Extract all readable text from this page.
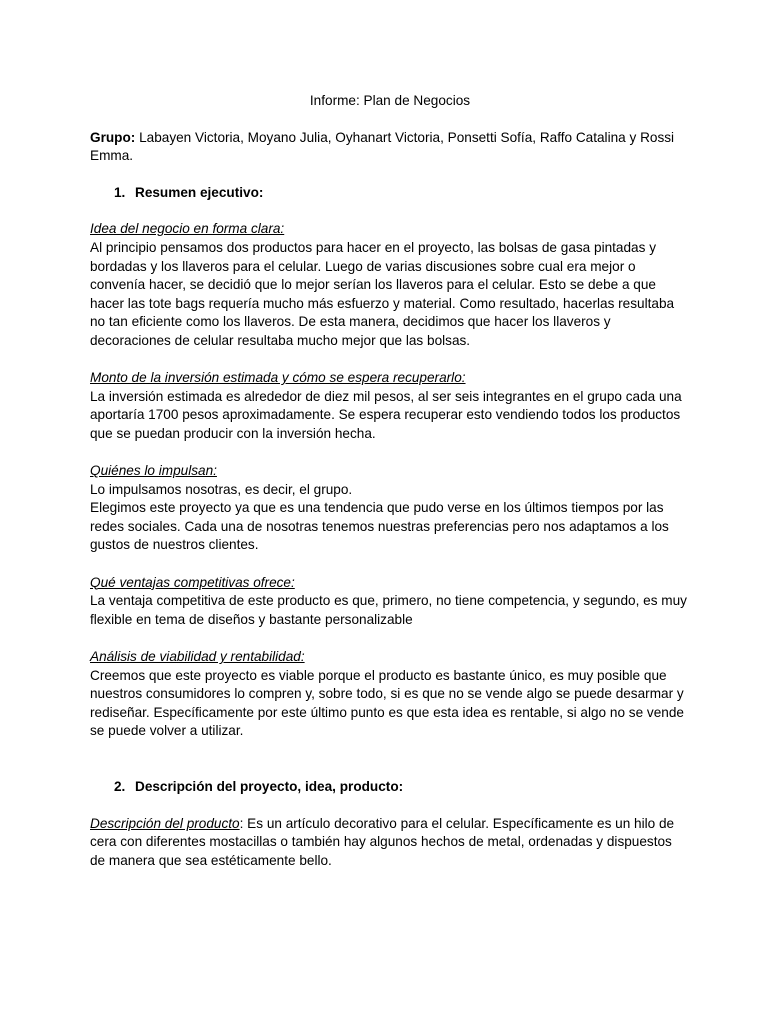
Informe: Plan de Negocios
Grupo: Labayen Victoria, Moyano Julia, Oyhanart Victoria, Ponsetti Sofía, Raffo Catalina y Rossi Emma.
1. Resumen ejecutivo:
Idea del negocio en forma clara:

Al principio pensamos dos productos para hacer en el proyecto, las bolsas de gasa pintadas y bordadas y los llaveros para el celular. Luego de varias discusiones sobre cual era mejor o convenía hacer, se decidió que lo mejor serían los llaveros para el celular. Esto se debe a que hacer las tote bags requería mucho más esfuerzo y material. Como resultado, hacerlas resultaba no tan eficiente como los llaveros. De esta manera, decidimos que hacer los llaveros y decoraciones de celular resultaba mucho mejor que las bolsas.

Monto de la inversión estimada y cómo se espera recuperarlo:

La inversión estimada es alrededor de diez mil pesos, al ser seis integrantes en el grupo cada una aportaría 1700 pesos aproximadamente. Se espera recuperar esto vendiendo todos los productos que se puedan producir con la inversión hecha.

Quiénes lo impulsan:

Lo impulsamos nosotras, es decir, el grupo.

Elegimos este proyecto ya que es una tendencia que pudo verse en los últimos tiempos por las redes sociales. Cada una de nosotras tenemos nuestras preferencias pero nos adaptamos a los gustos de nuestros clientes.

Qué ventajas competitivas ofrece:

La ventaja competitiva de este producto es que, primero, no tiene competencia, y segundo, es muy flexible en tema de diseños y bastante personalizable

Análisis de viabilidad y rentabilidad:

Creemos que este proyecto es viable porque el producto es bastante único, es muy posible que nuestros consumidores lo compren y, sobre todo, si es que no se vende algo se puede desarmar y rediseñar. Específicamente por este último punto es que esta idea es rentable, si algo no se vende se puede volver a utilizar.

2. Descripción del proyecto, idea, producto:

Descripción del producto: Es un artículo decorativo para el celular. Específicamente es un hilo de cera con diferentes mostacillas o también hay algunos hechos de metal, ordenadas y dispuestos de manera que sea estéticamente bello.
